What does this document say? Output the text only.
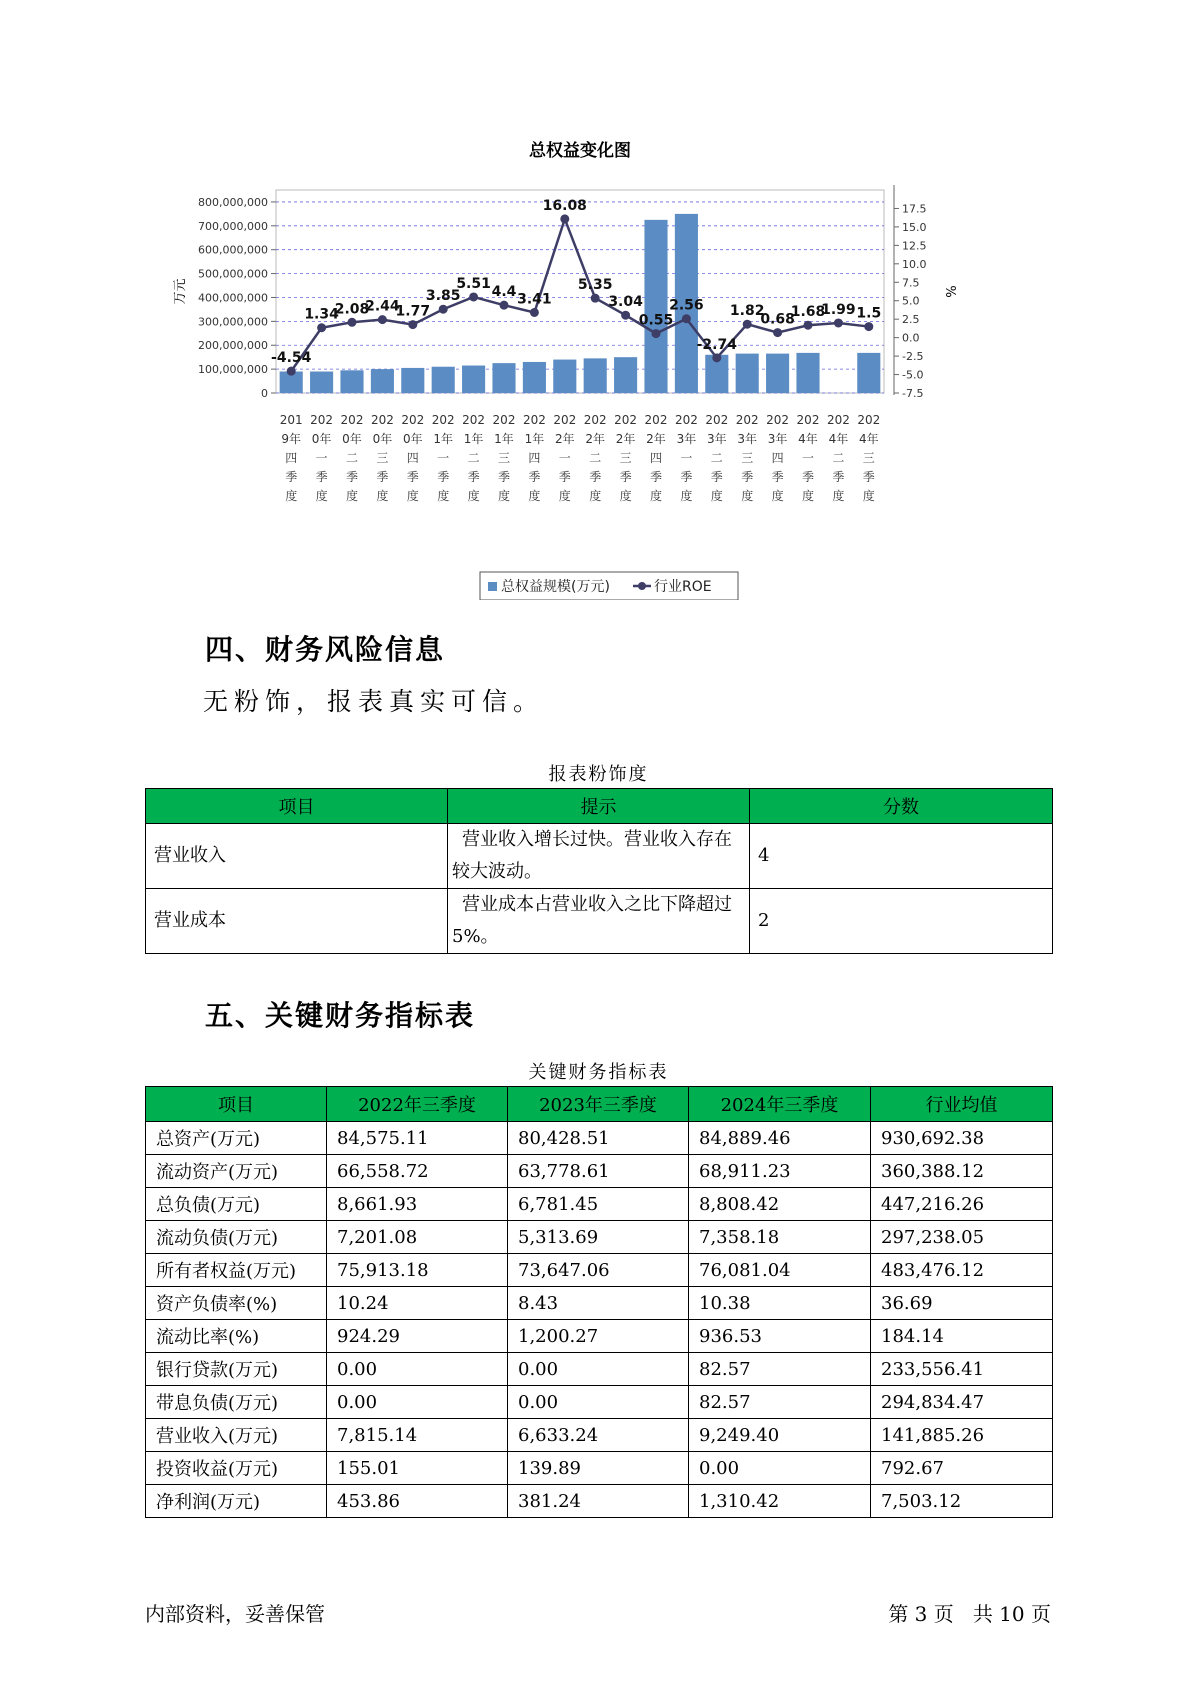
总权益变化图
0
100,000,000
200,000,000
300,000,000
400,000,000
500,000,000
600,000,000
700,000,000
800,000,000
-7.5
-5.0
-2.5
0.0
2.5
5.0
7.5
10.0
12.5
15.0
17.5
万元	%
-4.54
1.34
2.08
2.44
1.77
3.85
5.51
4.4 3.41
16.08
5.35
3.04
0.55
2.56
-2.74
1.82
0.68
1.68
1.99 1.5
201
9年
四
季
度
202
0年
一
季
度
202
0年
二
季
度
202
0年
三
季
度
202
0年
四
季
度
202
1年
一
季
度
202
1年
二
季
度
202
1年
三
季
度
202
1年
四
季
度
202
2年
一
季
度
202
2年
二
季
度
202
2年
三
季
度
202
2年
四
季
度
202
3年
一
季
度
202
3年
二
季
度
202
3年
三
季
度
202
3年
四
季
度
202
4年
一
季
度
202
4年
二
季
度
202
4年
三
季
度
总权益规模(万元)	行业ROE
四、财务风险信息
无粉饰，报表真实可信。
报表粉饰度
项目	提示	分数
营业收入	营业收入增长过快。营业收入存在较大波动。	4
营业成本	营业成本占营业收入之比下降超过5%。	2
五、关键财务指标表
关键财务指标表
项目	2022年三季度	2023年三季度	2024年三季度	行业均值
总资产(万元)	84,575.11	80,428.51	84,889.46	930,692.38
流动资产(万元)	66,558.72	63,778.61	68,911.23	360,388.12
总负债(万元)	8,661.93	6,781.45	8,808.42	447,216.26
流动负债(万元)	7,201.08	5,313.69	7,358.18	297,238.05
所有者权益(万元)	75,913.18	73,647.06	76,081.04	483,476.12
资产负债率(%)	10.24	8.43	10.38	36.69
流动比率(%)	924.29	1,200.27	936.53	184.14
银行贷款(万元)	0.00	0.00	82.57	233,556.41
带息负债(万元)	0.00	0.00	82.57	294,834.47
营业收入(万元)	7,815.14	6,633.24	9,249.40	141,885.26
投资收益(万元)	155.01	139.89	0.00	792.67
净利润(万元)	453.86	381.24	1,310.42	7,503.12
内部资料，妥善保管	第 3 页   共 10 页
